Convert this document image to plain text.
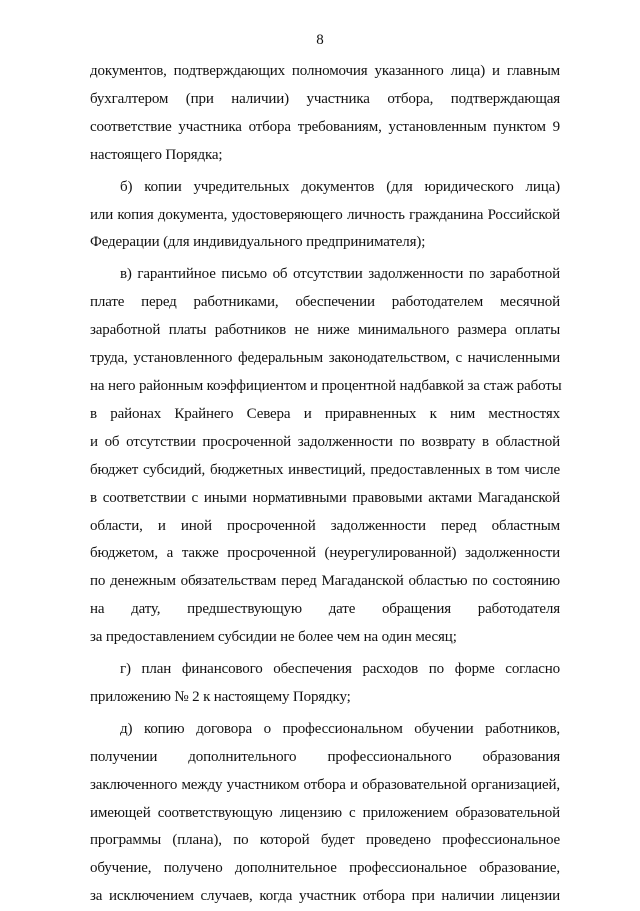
8

документов, подтверждающих полномочия указанного лица) и главным
бухгалтером (при наличии) участника отбора, подтверждающая
соответствие участника отбора требованиям, установленным пунктом 9
настоящего Порядка;

б) копии учредительных документов (для юридического лица)
или копия документа, удостоверяющего личность гражданина Российской
Федерации (для индивидуального предпринимателя);

в) гарантийное письмо об отсутствии задолженности по заработной
плате перед работниками, обеспечении работодателем месячной
заработной платы работников не ниже минимального размера оплаты
труда, установленного федеральным законодательством, с начисленными
на него районным коэффициентом и процентной надбавкой за стаж работы
в районах Крайнего Севера и приравненных к ним местностях
и об отсутствии просроченной задолженности по возврату в областной
бюджет субсидий, бюджетных инвестиций, предоставленных в том числе
в соответствии с иными нормативными правовыми актами Магаданской
области, и иной просроченной задолженности перед областным
бюджетом, а также просроченной (неурегулированной) задолженности
по денежным обязательствам перед Магаданской областью по состоянию
на дату, предшествующую дате обращения работодателя
за предоставлением субсидии не более чем на один месяц;

г) план финансового обеспечения расходов по форме согласно
приложению № 2 к настоящему Порядку;

д) копию договора о профессиональном обучении работников,
получении дополнительного профессионального образования
заключенного между участником отбора и образовательной организацией,
имеющей соответствующую лицензию с приложением образовательной
программы (плана), по которой будет проведено профессиональное
обучение, получено дополнительное профессиональное образование,
за исключением случаев, когда участник отбора при наличии лицензии
